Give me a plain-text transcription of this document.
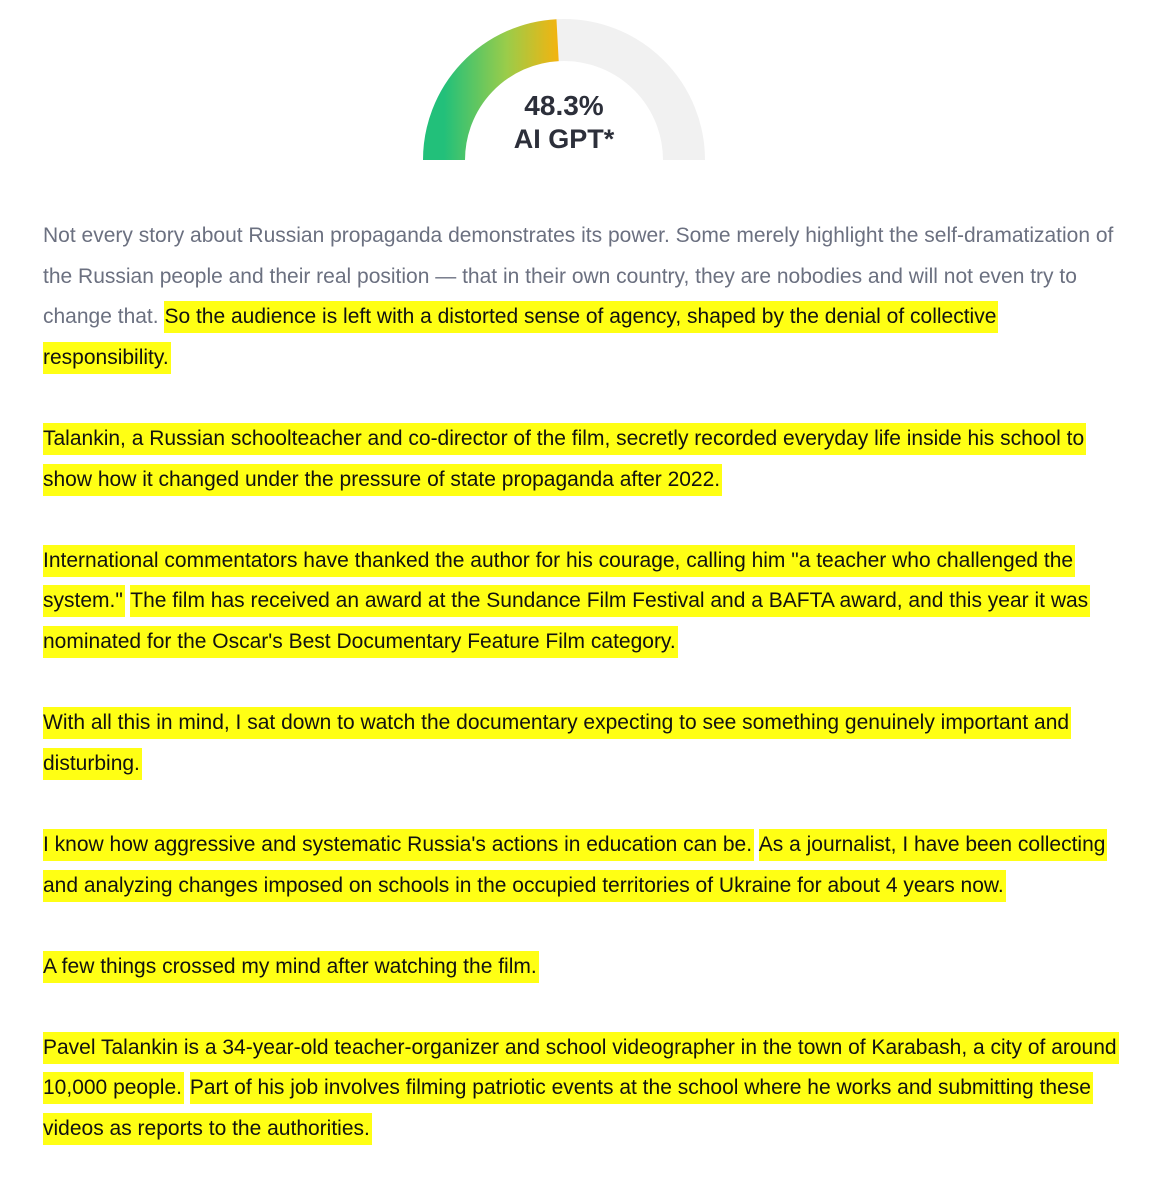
48.3%
AI GPT*

Not every story about Russian propaganda demonstrates its power. Some merely highlight the self-dramatization of the Russian people and their real position — that in their own country, they are nobodies and will not even try to change that. So the audience is left with a distorted sense of agency, shaped by the denial of collective responsibility.

Talankin, a Russian schoolteacher and co-director of the film, secretly recorded everyday life inside his school to show how it changed under the pressure of state propaganda after 2022.

International commentators have thanked the author for his courage, calling him "a teacher who challenged the system." The film has received an award at the Sundance Film Festival and a BAFTA award, and this year it was nominated for the Oscar's Best Documentary Feature Film category.

With all this in mind, I sat down to watch the documentary expecting to see something genuinely important and disturbing.

I know how aggressive and systematic Russia's actions in education can be. As a journalist, I have been collecting and analyzing changes imposed on schools in the occupied territories of Ukraine for about 4 years now.

A few things crossed my mind after watching the film.

Pavel Talankin is a 34-year-old teacher-organizer and school videographer in the town of Karabash, a city of around 10,000 people. Part of his job involves filming patriotic events at the school where he works and submitting these videos as reports to the authorities.
